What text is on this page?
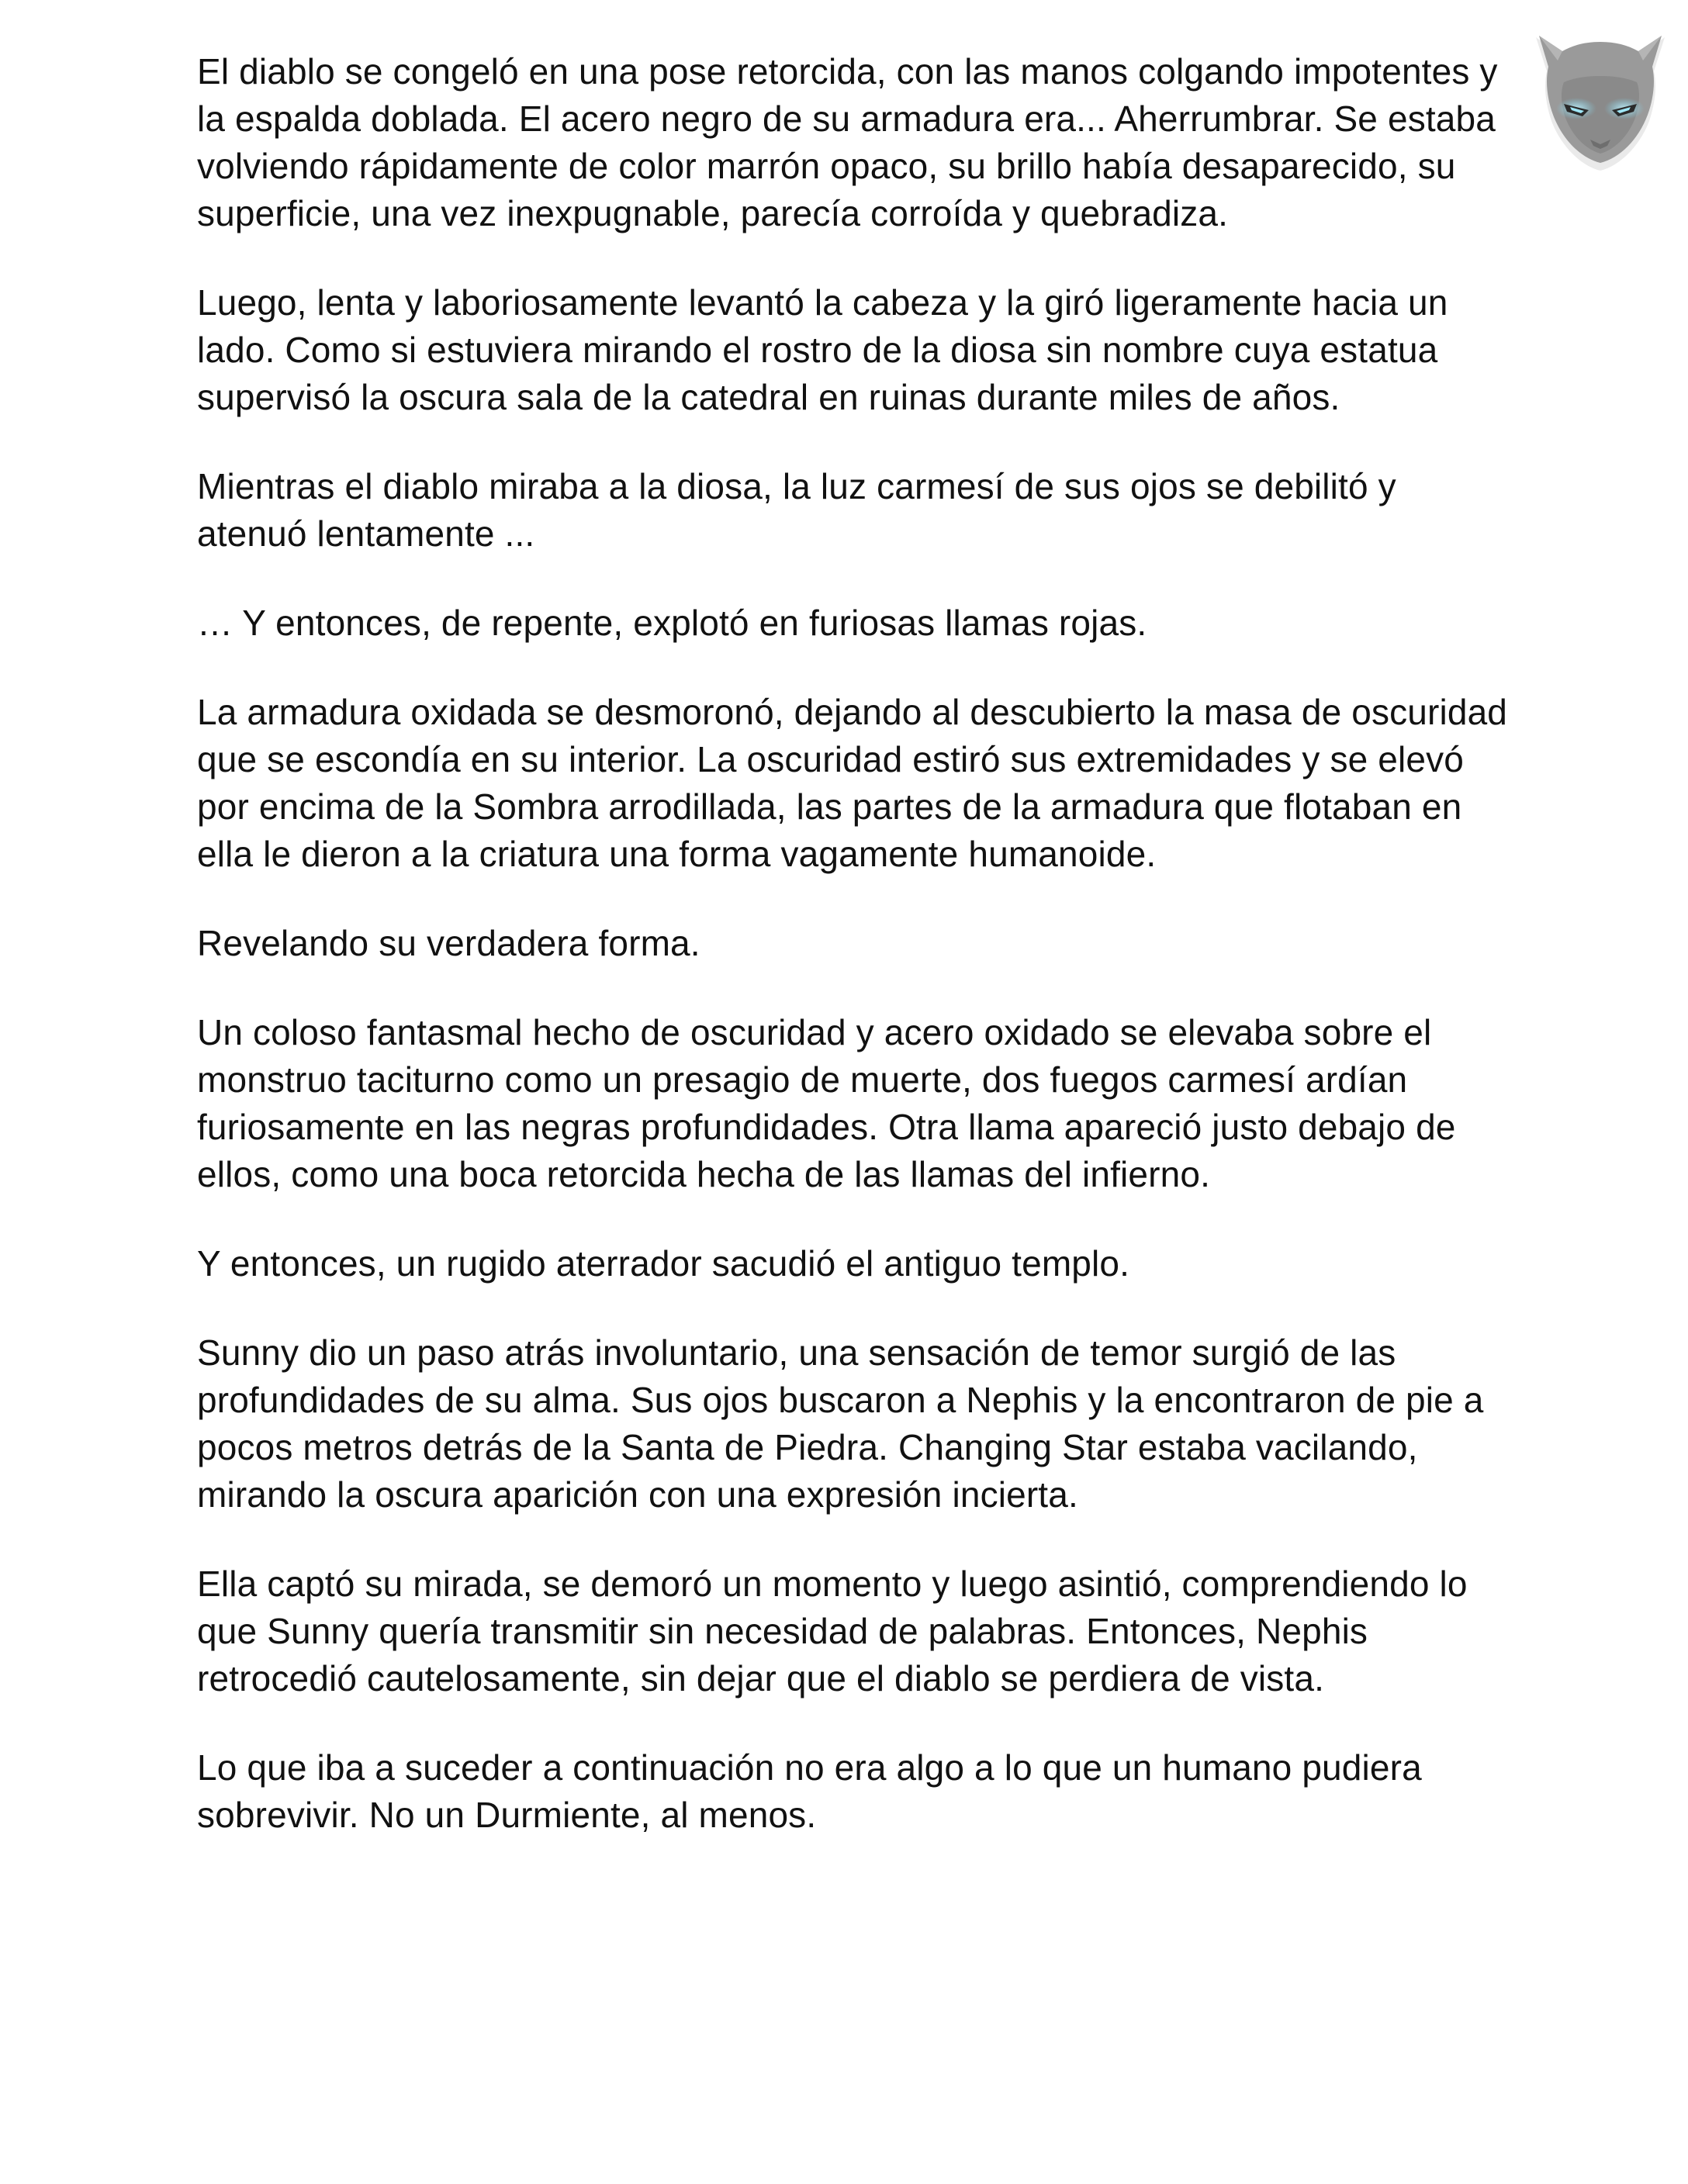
El diablo se congeló en una pose retorcida, con las manos colgando impotentes y la espalda doblada. El acero negro de su armadura era... Aherrumbrar. Se estaba volviendo rápidamente de color marrón opaco, su brillo había desaparecido, su superficie, una vez inexpugnable, parecía corroída y quebradiza.

Luego, lenta y laboriosamente levantó la cabeza y la giró ligeramente hacia un lado. Como si estuviera mirando el rostro de la diosa sin nombre cuya estatua supervisó la oscura sala de la catedral en ruinas durante miles de años.

Mientras el diablo miraba a la diosa, la luz carmesí de sus ojos se debilitó y atenuó lentamente ...

… Y entonces, de repente, explotó en furiosas llamas rojas.

La armadura oxidada se desmoronó, dejando al descubierto la masa de oscuridad que se escondía en su interior. La oscuridad estiró sus extremidades y se elevó por encima de la Sombra arrodillada, las partes de la armadura que flotaban en ella le dieron a la criatura una forma vagamente humanoide.

Revelando su verdadera forma.

Un coloso fantasmal hecho de oscuridad y acero oxidado se elevaba sobre el monstruo taciturno como un presagio de muerte, dos fuegos carmesí ardían furiosamente en las negras profundidades. Otra llama apareció justo debajo de ellos, como una boca retorcida hecha de las llamas del infierno.

Y entonces, un rugido aterrador sacudió el antiguo templo.

Sunny dio un paso atrás involuntario, una sensación de temor surgió de las profundidades de su alma. Sus ojos buscaron a Nephis y la encontraron de pie a pocos metros detrás de la Santa de Piedra. Changing Star estaba vacilando, mirando la oscura aparición con una expresión incierta.

Ella captó su mirada, se demoró un momento y luego asintió, comprendiendo lo que Sunny quería transmitir sin necesidad de palabras. Entonces, Nephis retrocedió cautelosamente, sin dejar que el diablo se perdiera de vista.

Lo que iba a suceder a continuación no era algo a lo que un humano pudiera sobrevivir. No un Durmiente, al menos.
